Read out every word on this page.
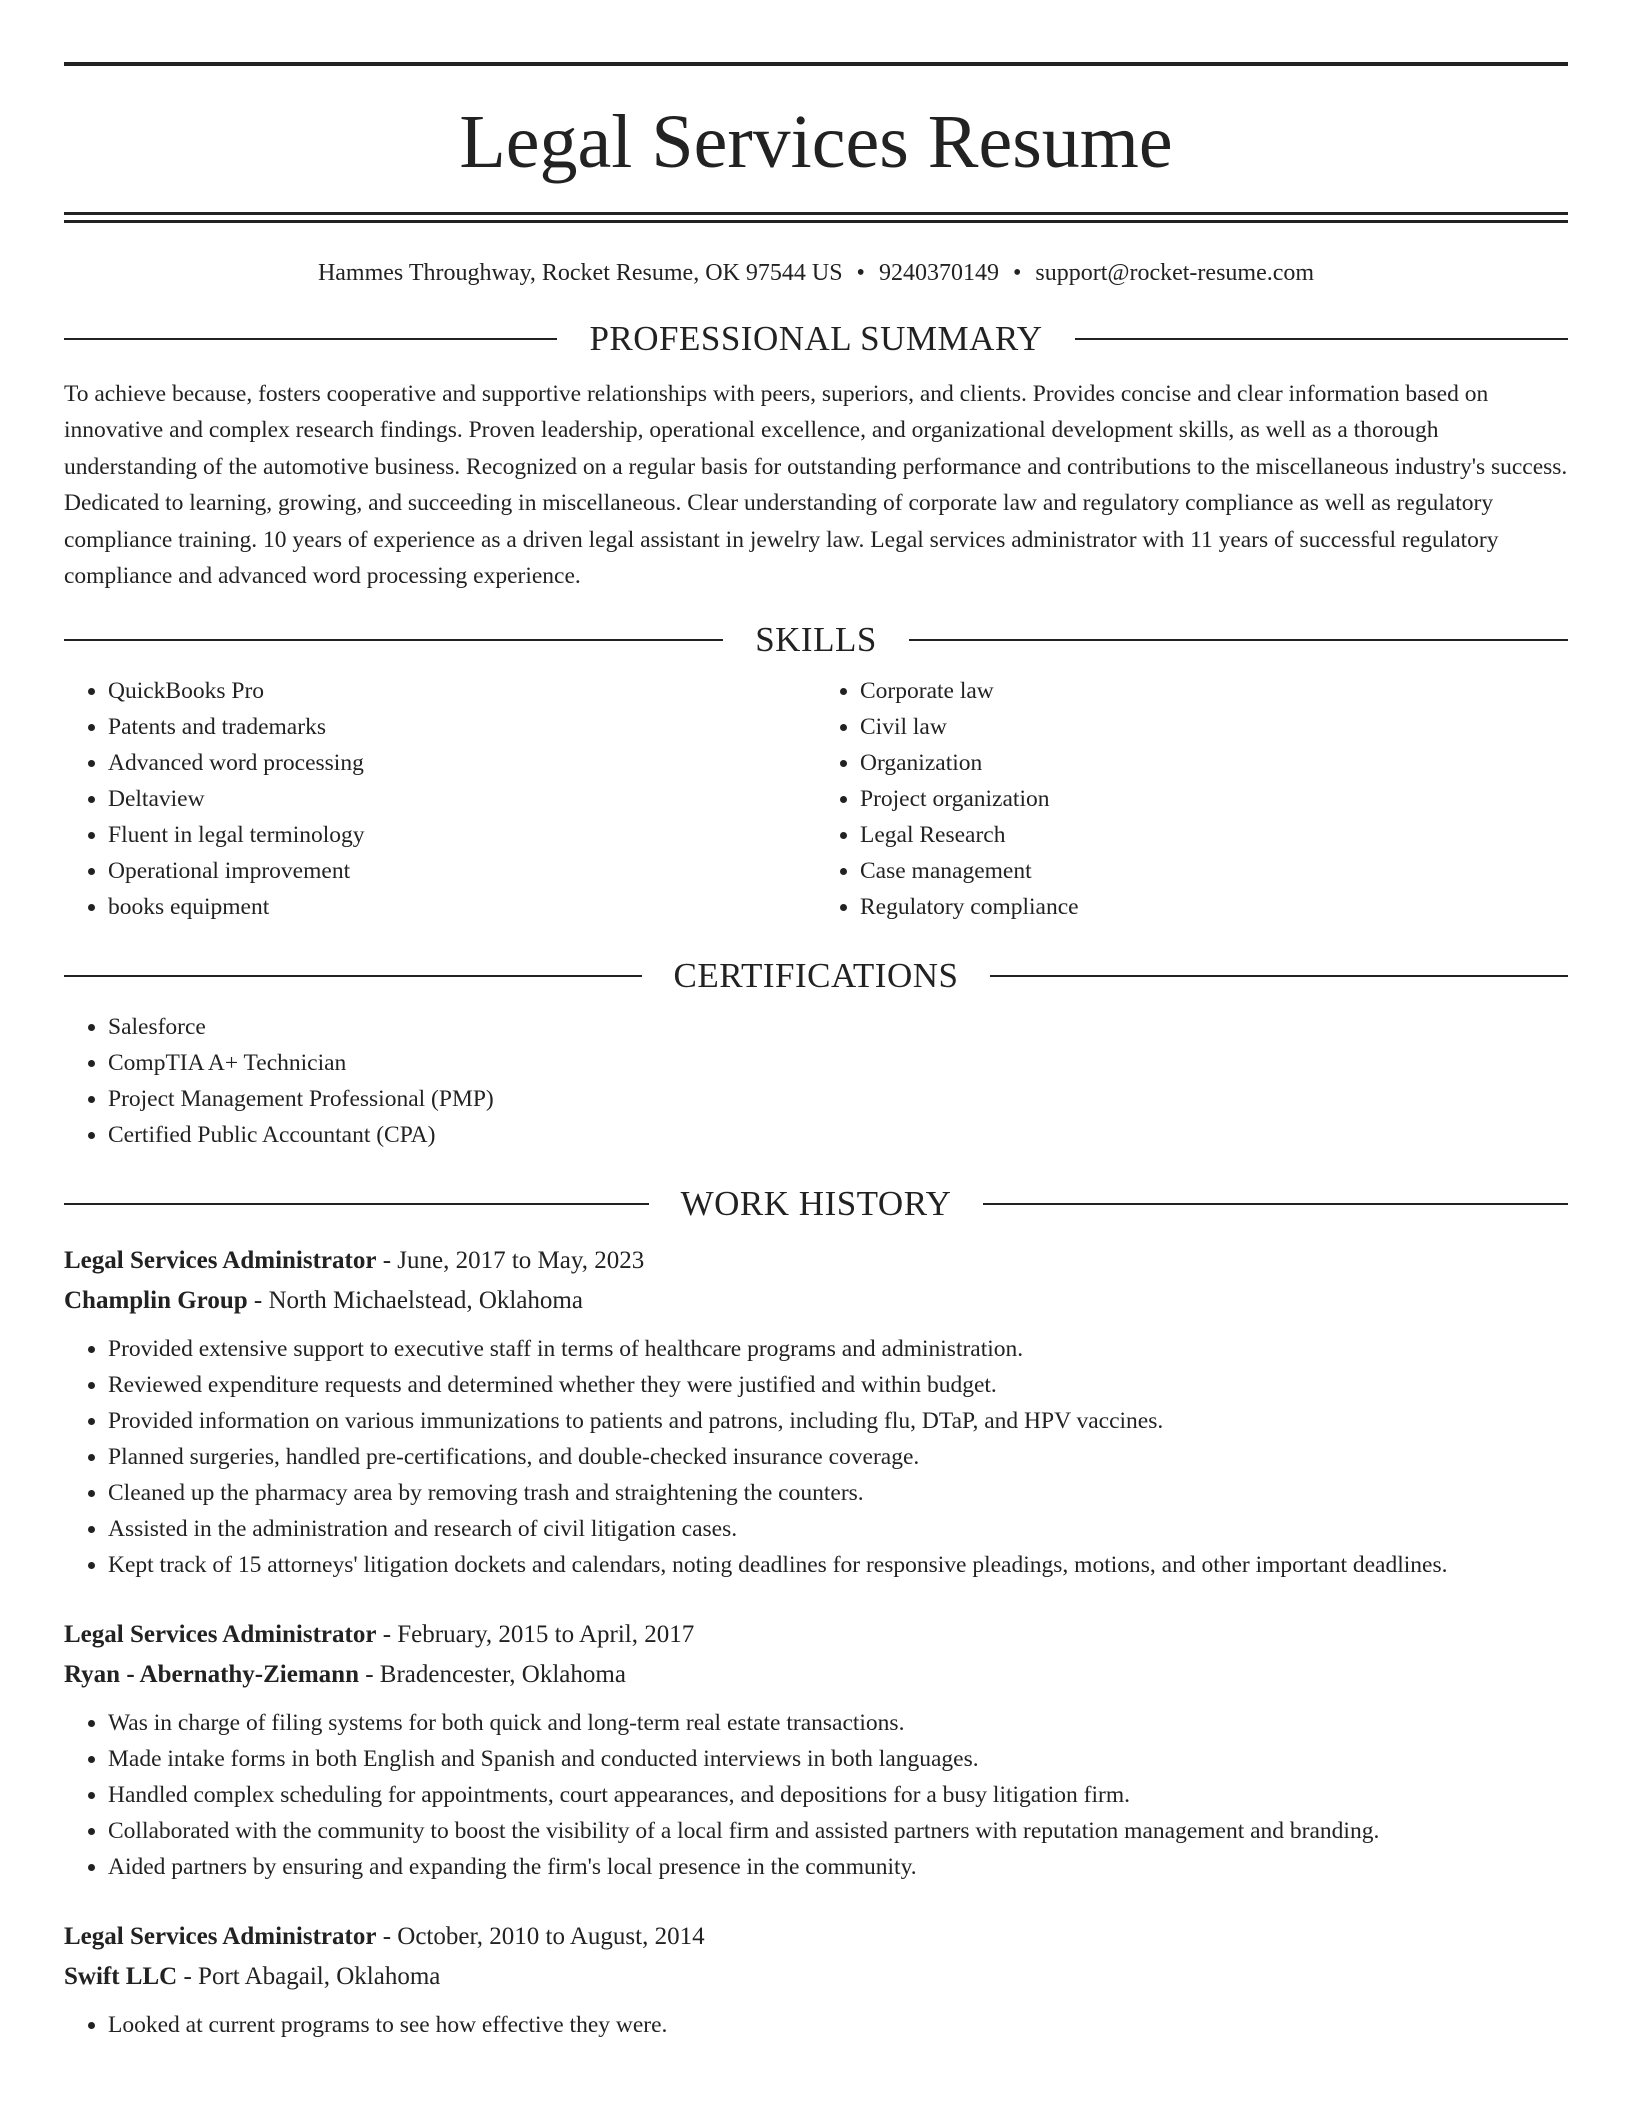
Legal Services Resume
Hammes Throughway, Rocket Resume, OK 97544 US • 9240370149 • support@rocket-resume.com
PROFESSIONAL SUMMARY

To achieve because, fosters cooperative and supportive relationships with peers, superiors, and clients. Provides concise and clear information based on innovative and complex research findings. Proven leadership, operational excellence, and organizational development skills, as well as a thorough understanding of the automotive business. Recognized on a regular basis for outstanding performance and contributions to the miscellaneous industry's success. Dedicated to learning, growing, and succeeding in miscellaneous. Clear understanding of corporate law and regulatory compliance as well as regulatory compliance training. 10 years of experience as a driven legal assistant in jewelry law. Legal services administrator with 11 years of successful regulatory compliance and advanced word processing experience.

SKILLS
• QuickBooks Pro
• Patents and trademarks
• Advanced word processing
• Deltaview
• Fluent in legal terminology
• Operational improvement
• books equipment
• Corporate law
• Civil law
• Organization
• Project organization
• Legal Research
• Case management
• Regulatory compliance
CERTIFICATIONS
• Salesforce
• CompTIA A+ Technician
• Project Management Professional (PMP)
• Certified Public Accountant (CPA)
WORK HISTORY
Legal Services Administrator - June, 2017 to May, 2023
Champlin Group - North Michaelstead, Oklahoma
• Provided extensive support to executive staff in terms of healthcare programs and administration.
• Reviewed expenditure requests and determined whether they were justified and within budget.
• Provided information on various immunizations to patients and patrons, including flu, DTaP, and HPV vaccines.
• Planned surgeries, handled pre-certifications, and double-checked insurance coverage.
• Cleaned up the pharmacy area by removing trash and straightening the counters.
• Assisted in the administration and research of civil litigation cases.
• Kept track of 15 attorneys' litigation dockets and calendars, noting deadlines for responsive pleadings, motions, and other important deadlines.
Legal Services Administrator - February, 2015 to April, 2017
Ryan - Abernathy-Ziemann - Bradencester, Oklahoma
• Was in charge of filing systems for both quick and long-term real estate transactions.
• Made intake forms in both English and Spanish and conducted interviews in both languages.
• Handled complex scheduling for appointments, court appearances, and depositions for a busy litigation firm.
• Collaborated with the community to boost the visibility of a local firm and assisted partners with reputation management and branding.
• Aided partners by ensuring and expanding the firm's local presence in the community.
Legal Services Administrator - October, 2010 to August, 2014
Swift LLC - Port Abagail, Oklahoma
• Looked at current programs to see how effective they were.
